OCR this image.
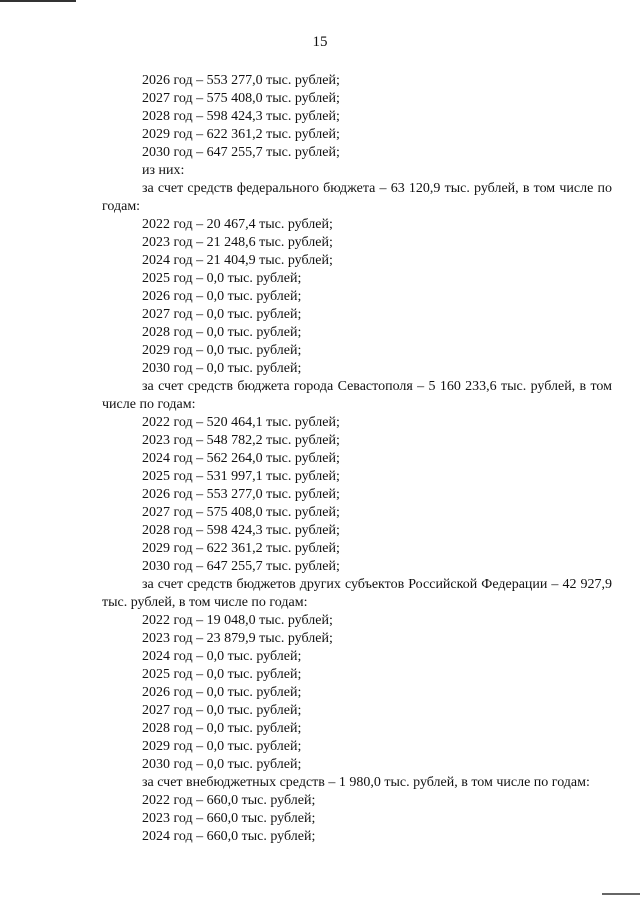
15
2026 год – 553 277,0 тыс. рублей;
2027 год – 575 408,0 тыс. рублей;
2028 год – 598 424,3 тыс. рублей;
2029 год – 622 361,2 тыс. рублей;
2030 год – 647 255,7 тыс. рублей;
из них:
за счет средств федерального бюджета – 63 120,9 тыс. рублей, в том числе по годам:
2022 год – 20 467,4 тыс. рублей;
2023 год – 21 248,6 тыс. рублей;
2024 год – 21 404,9 тыс. рублей;
2025 год – 0,0 тыс. рублей;
2026 год – 0,0 тыс. рублей;
2027 год – 0,0 тыс. рублей;
2028 год – 0,0 тыс. рублей;
2029 год – 0,0 тыс. рублей;
2030 год – 0,0 тыс. рублей;
за счет средств бюджета города Севастополя – 5 160 233,6 тыс. рублей, в том числе по годам:
2022 год – 520 464,1 тыс. рублей;
2023 год – 548 782,2 тыс. рублей;
2024 год – 562 264,0 тыс. рублей;
2025 год – 531 997,1 тыс. рублей;
2026 год – 553 277,0 тыс. рублей;
2027 год – 575 408,0 тыс. рублей;
2028 год – 598 424,3 тыс. рублей;
2029 год – 622 361,2 тыс. рублей;
2030 год – 647 255,7 тыс. рублей;
за счет средств бюджетов других субъектов Российской Федерации – 42 927,9 тыс. рублей, в том числе по годам:
2022 год – 19 048,0 тыс. рублей;
2023 год – 23 879,9 тыс. рублей;
2024 год – 0,0 тыс. рублей;
2025 год – 0,0 тыс. рублей;
2026 год – 0,0 тыс. рублей;
2027 год – 0,0 тыс. рублей;
2028 год – 0,0 тыс. рублей;
2029 год – 0,0 тыс. рублей;
2030 год – 0,0 тыс. рублей;
за счет внебюджетных средств – 1 980,0 тыс. рублей, в том числе по годам:
2022 год – 660,0 тыс. рублей;
2023 год – 660,0 тыс. рублей;
2024 год – 660,0 тыс. рублей;
